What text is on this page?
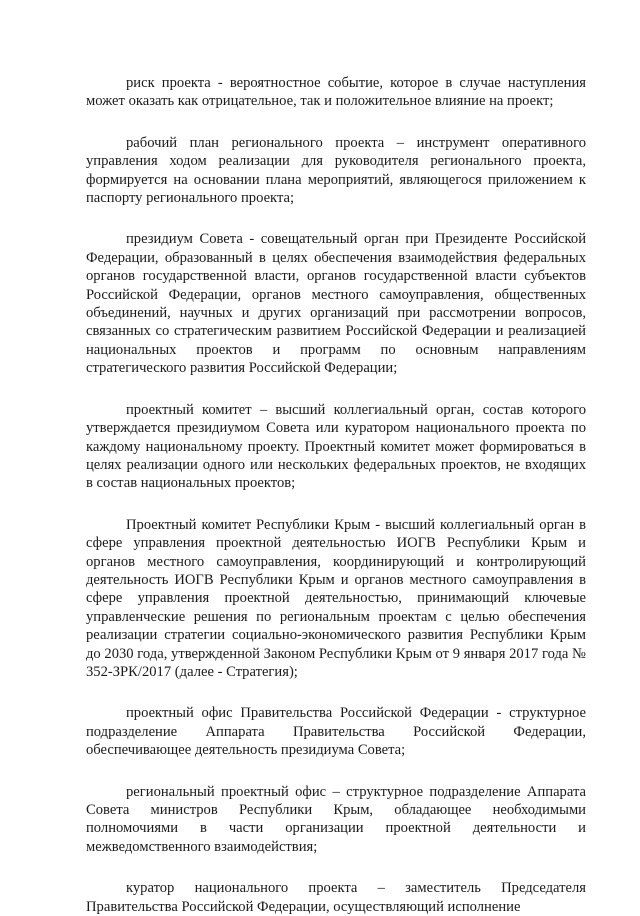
риск проекта - вероятностное событие, которое в случае наступления может оказать как отрицательное, так и положительное влияние на проект;

рабочий план регионального проекта – инструмент оперативного управления ходом реализации для руководителя регионального проекта, формируется на основании плана мероприятий, являющегося приложением к паспорту регионального проекта;

президиум Совета - совещательный орган при Президенте Российской Федерации, образованный в целях обеспечения взаимодействия федеральных органов государственной власти, органов государственной власти субъектов Российской Федерации, органов местного самоуправления, общественных объединений, научных и других организаций при рассмотрении вопросов, связанных со стратегическим развитием Российской Федерации и реализацией национальных проектов и программ по основным направлениям стратегического развития Российской Федерации;

проектный комитет – высший коллегиальный орган, состав которого утверждается президиумом Совета или куратором национального проекта по каждому национальному проекту. Проектный комитет может формироваться в целях реализации одного или нескольких федеральных проектов, не входящих в состав национальных проектов;

Проектный комитет Республики Крым - высший коллегиальный орган в сфере управления проектной деятельностью ИОГВ Республики Крым и органов местного самоуправления, координирующий и контролирующий деятельность ИОГВ Республики Крым и органов местного самоуправления в сфере управления проектной деятельностью, принимающий ключевые управленческие решения по региональным проектам с целью обеспечения реализации стратегии социально-экономического развития Республики Крым до 2030 года, утвержденной Законом Республики Крым от 9 января 2017 года № 352-ЗРК/2017 (далее - Стратегия);

проектный офис Правительства Российской Федерации - структурное подразделение Аппарата Правительства Российской Федерации, обеспечивающее деятельность президиума Совета;

региональный проектный офис – структурное подразделение Аппарата Совета министров Республики Крым, обладающее необходимыми полномочиями в части организации проектной деятельности и межведомственного взаимодействия;

куратор национального проекта – заместитель Председателя Правительства Российской Федерации, осуществляющий исполнение
